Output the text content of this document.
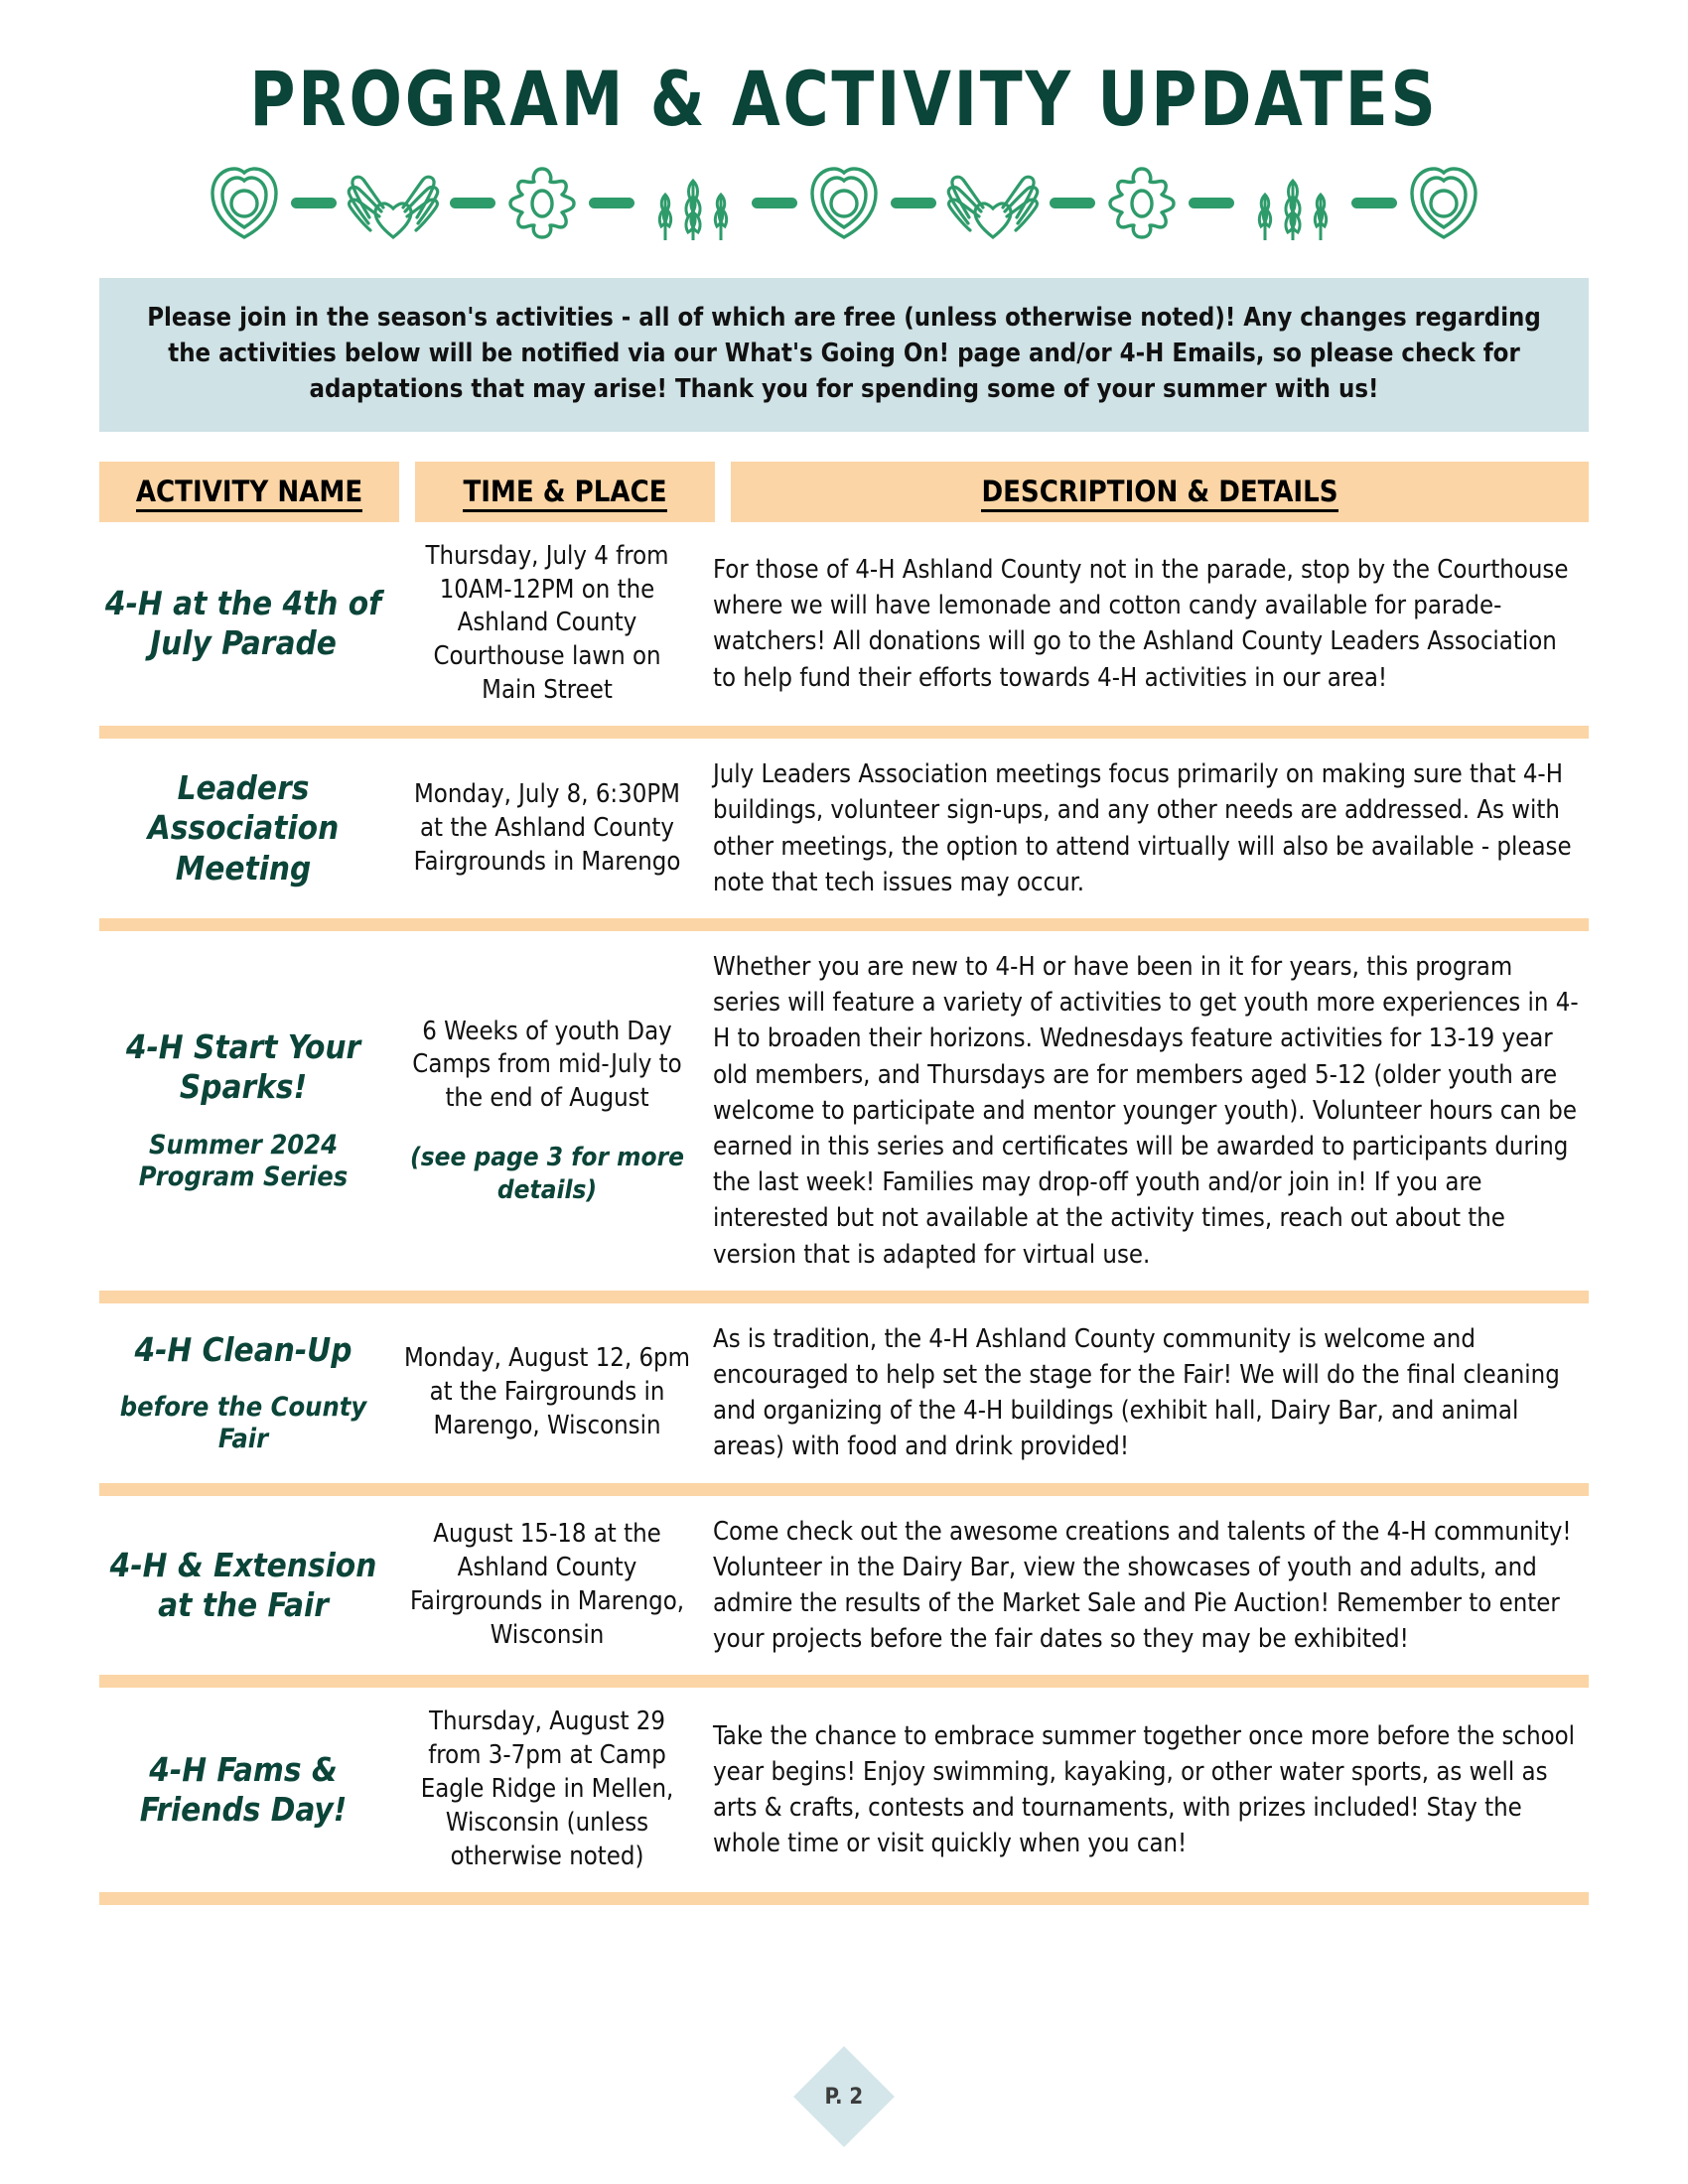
PROGRAM & ACTIVITY UPDATES

Please join in the season's activities - all of which are free (unless otherwise noted)! Any changes regarding the activities below will be notified via our What's Going On! page and/or 4-H Emails, so please check for adaptations that may arise! Thank you for spending some of your summer with us!

ACTIVITY NAME	TIME & PLACE	DESCRIPTION & DETAILS
4-H at the 4th of July Parade
Thursday, July 4 from 10AM-12PM on the Ashland County Courthouse lawn on Main Street
For those of 4-H Ashland County not in the parade, stop by the Courthouse where we will have lemonade and cotton candy available for parade-watchers! All donations will go to the Ashland County Leaders Association to help fund their efforts towards 4-H activities in our area!
Leaders Association Meeting
Monday, July 8, 6:30PM at the Ashland County Fairgrounds in Marengo
July Leaders Association meetings focus primarily on making sure that 4-H buildings, volunteer sign-ups, and any other needs are addressed. As with other meetings, the option to attend virtually will also be available - please note that tech issues may occur.
4-H Start Your Sparks!
Summer 2024 Program Series
6 Weeks of youth Day Camps from mid-July to the end of August
(see page 3 for more details)
Whether you are new to 4-H or have been in it for years, this program series will feature a variety of activities to get youth more experiences in 4-H to broaden their horizons. Wednesdays feature activities for 13-19 year old members, and Thursdays are for members aged 5-12 (older youth are welcome to participate and mentor younger youth). Volunteer hours can be earned in this series and certificates will be awarded to participants during the last week! Families may drop-off youth and/or join in! If you are interested but not available at the activity times, reach out about the version that is adapted for virtual use.
4-H Clean-Up
before the County Fair
Monday, August 12, 6pm at the Fairgrounds in Marengo, Wisconsin
As is tradition, the 4-H Ashland County community is welcome and encouraged to help set the stage for the Fair! We will do the final cleaning and organizing of the 4-H buildings (exhibit hall, Dairy Bar, and animal areas) with food and drink provided!
4-H & Extension at the Fair
August 15-18 at the Ashland County Fairgrounds in Marengo, Wisconsin
Come check out the awesome creations and talents of the 4-H community! Volunteer in the Dairy Bar, view the showcases of youth and adults, and admire the results of the Market Sale and Pie Auction! Remember to enter your projects before the fair dates so they may be exhibited!
4-H Fams & Friends Day!
Thursday, August 29 from 3-7pm at Camp Eagle Ridge in Mellen, Wisconsin (unless otherwise noted)
Take the chance to embrace summer together once more before the school year begins! Enjoy swimming, kayaking, or other water sports, as well as arts & crafts, contests and tournaments, with prizes included! Stay the whole time or visit quickly when you can!
P. 2
